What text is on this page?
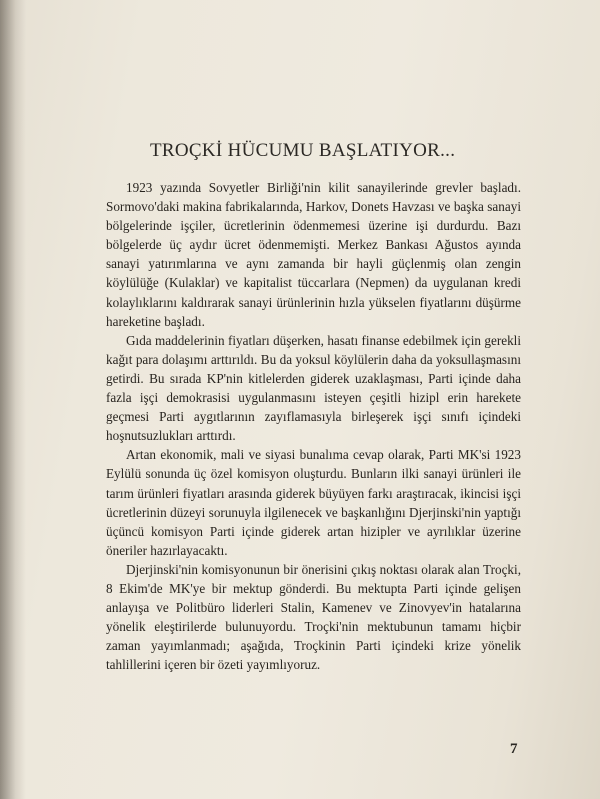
TROÇKİ HÜCUMU BAŞLATIYOR...

1923 yazında Sovyetler Birliği'nin kilit sanayilerinde grevler başladı. Sormovo'daki makina fabrikalarında, Harkov, Donets Havzası ve başka sanayi bölgelerinde işçiler, ücretlerinin ödenmemesi üzerine işi durdurdu. Bazı bölgelerde üç aydır ücret ödenmemişti. Merkez Bankası Ağustos ayında sanayi yatırımlarına ve aynı zamanda bir hayli güçlenmiş olan zengin köylülüğe (Kulaklar) ve kapitalist tüccarlara (Nepmen) da uygulanan kredi kolaylıklarını kaldırarak sanayi ürünlerinin hızla yükselen fiyatlarını düşürme hareketine başladı.

Gıda maddelerinin fiyatları düşerken, hasatı finanse edebilmek için gerekli kağıt para dolaşımı arttırıldı. Bu da yoksul köylülerin daha da yoksullaşmasını getirdi. Bu sırada KP'nin kitlelerden giderek uzaklaşması, Parti içinde daha fazla işçi demokrasisi uygulanmasını isteyen çeşitli hizipl erin harekete geçmesi Parti aygıtlarının zayıflamasıyla birleşerek işçi sınıfı içindeki hoşnutsuzlukları arttırdı.

Artan ekonomik, mali ve siyasi bunalıma cevap olarak, Parti MK'si 1923 Eylülü sonunda üç özel komisyon oluşturdu. Bunların ilki sanayi ürünleri ile tarım ürünleri fiyatları arasında giderek büyüyen farkı araştıracak, ikincisi işçi ücretlerinin düzeyi sorunuyla ilgilenecek ve başkanlığını Djerjinski'nin yaptığı üçüncü komisyon Parti içinde giderek artan hizipler ve ayrılıklar üzerine öneriler hazırlayacaktı.

Djerjinski'nin komisyonunun bir önerisini çıkış noktası olarak alan Troçki, 8 Ekim'de MK'ye bir mektup gönderdi. Bu mektupta Parti içinde gelişen anlayışa ve Politbüro liderleri Stalin, Kamenev ve Zinovyev'in hatalarına yönelik eleştirilerde bulunuyordu. Troçki'nin mektubunun tamamı hiçbir zaman yayımlanmadı; aşağıda, Troçkinin Parti içindeki krize yönelik tahlillerini içeren bir özeti yayımlıyoruz.

7
